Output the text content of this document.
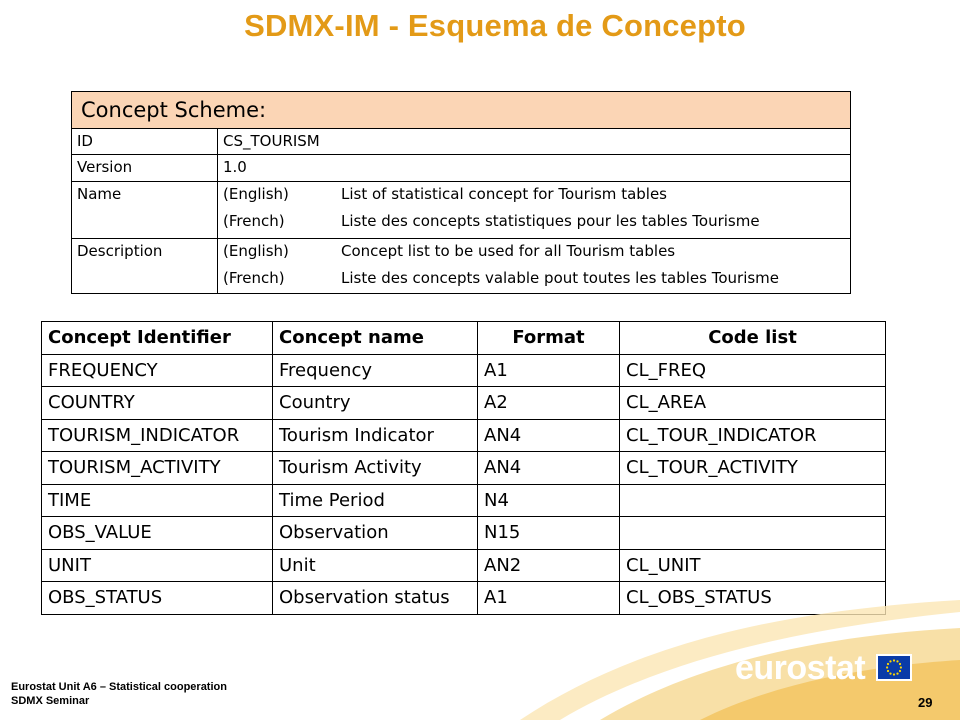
SDMX-IM - Esquema de Concepto
Concept Scheme:	
ID	CS_TOURISM
Version	1.0
Name	(English) List of statistical concept for Tourism tables
(French) Liste des concepts statistiques pour les tables Tourisme

Description	(English) Concept list to be used for all Tourism tables
(French) Liste des concepts valable pout toutes les tables Tourisme
Concept Identifier	Concept name	Format	Code list
FREQUENCY	Frequency	A1	CL_FREQ
COUNTRY	Country	A2	CL_AREA
TOURISM_INDICATOR	Tourism Indicator	AN4	CL_TOUR_INDICATOR
TOURISM_ACTIVITY	Tourism Activity	AN4	CL_TOUR_ACTIVITY
TIME	Time Period	N4	
OBS_VALUE	Observation	N15	
UNIT	Unit	AN2	CL_UNIT
OBS_STATUS	Observation status	A1	CL_OBS_STATUS
eurostat
Eurostat Unit A6 – Statistical cooperation
SDMX Seminar	29
